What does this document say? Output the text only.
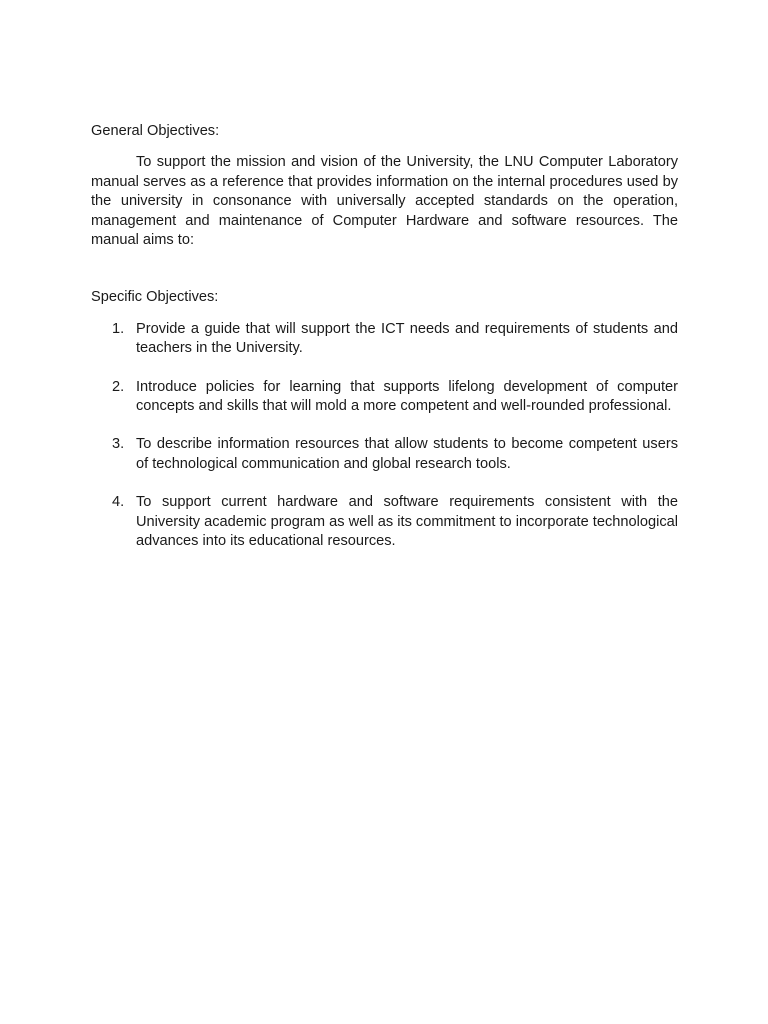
General Objectives:

To support the mission and vision of the University, the LNU Computer Laboratory manual serves as a reference that provides information on the internal procedures used by the university in consonance with universally accepted standards on the operation, management and maintenance of Computer Hardware and software resources. The manual aims to:

Specific Objectives:

1. Provide a guide that will support the ICT needs and requirements of students and teachers in the University.
2. Introduce policies for learning that supports lifelong development of computer concepts and skills that will mold a more competent and well-rounded professional.
3. To describe information resources that allow students to become competent users of technological communication and global research tools.
4. To support current hardware and software requirements consistent with the University academic program as well as its commitment to incorporate technological advances into its educational resources.
